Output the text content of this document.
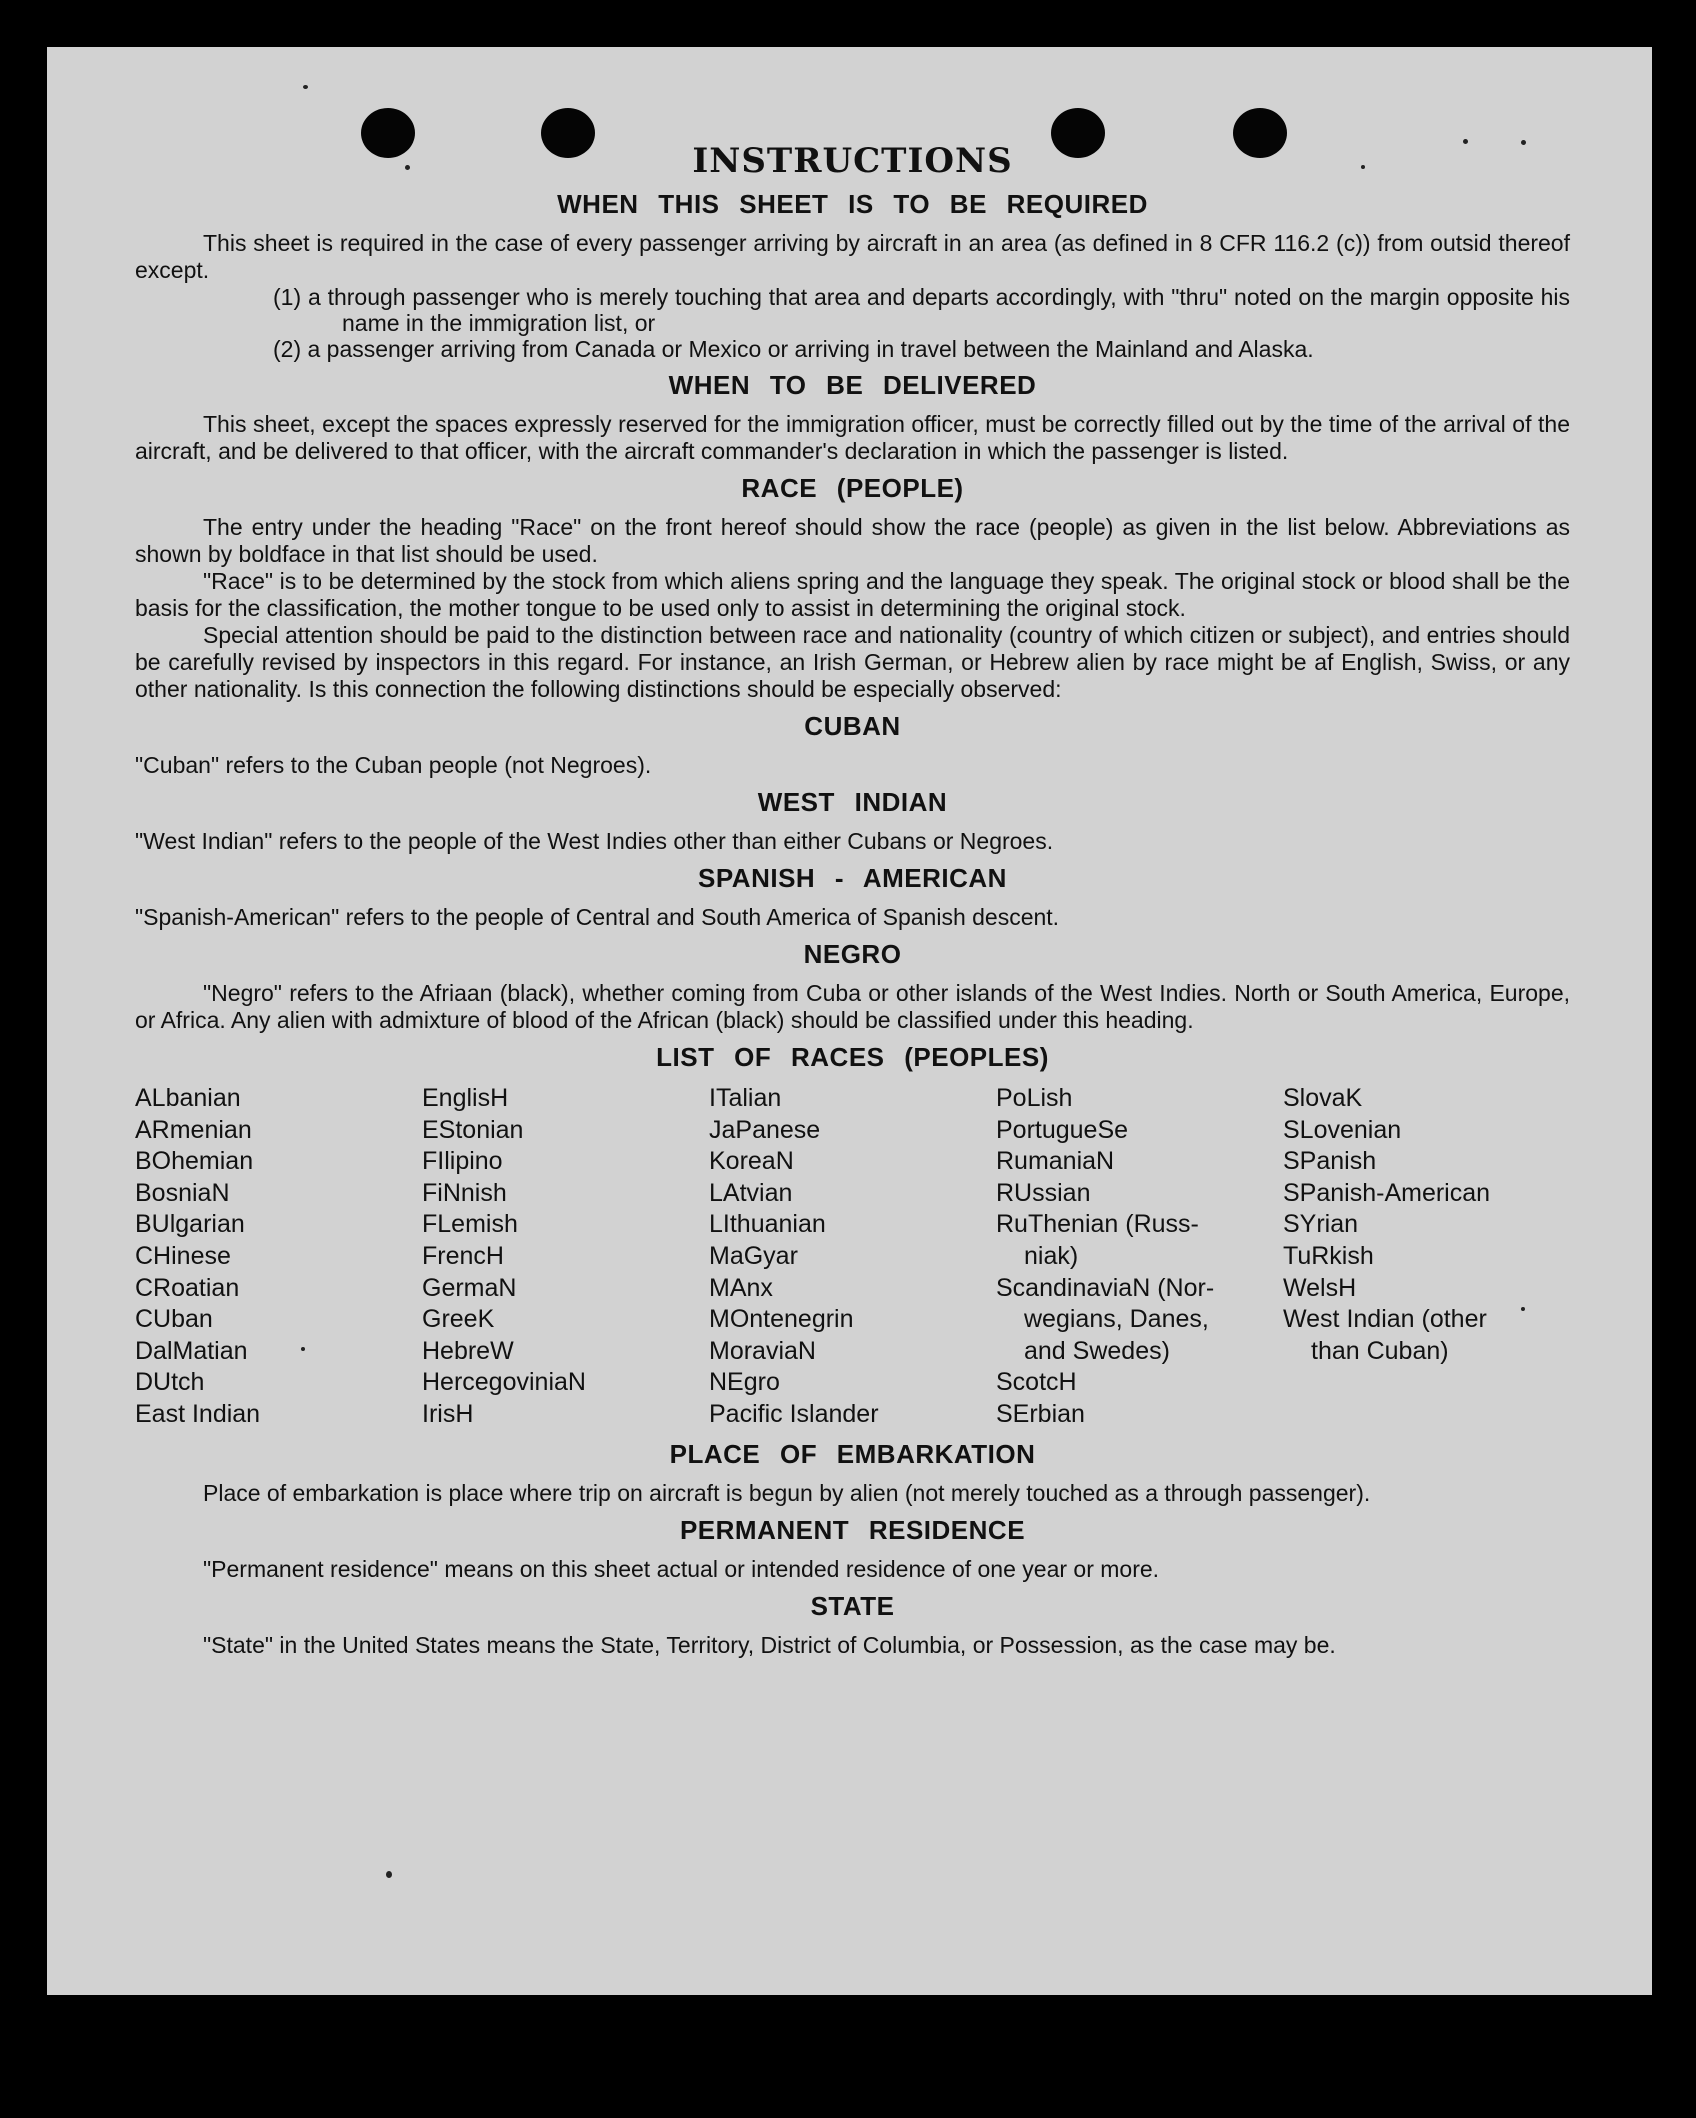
INSTRUCTIONS
WHEN THIS SHEET IS TO BE REQUIRED

This sheet is required in the case of every passenger arriving by aircraft in an area (as defined in 8 CFR 116.2 (c)) from outsid thereof except.

(1) a through passenger who is merely touching that area and departs accordingly, with "thru" noted on the margin opposite his name in the immigration list, or

(2) a passenger arriving from Canada or Mexico or arriving in travel between the Mainland and Alaska.

WHEN TO BE DELIVERED

This sheet, except the spaces expressly reserved for the immigration officer, must be correctly filled out by the time of the arrival of the aircraft, and be delivered to that officer, with the aircraft commander's declaration in which the passenger is listed.

RACE (PEOPLE)

The entry under the heading "Race" on the front hereof should show the race (people) as given in the list below. Abbreviations as shown by boldface in that list should be used.

"Race" is to be determined by the stock from which aliens spring and the language they speak. The original stock or blood shall be the basis for the classification, the mother tongue to be used only to assist in determining the original stock.

Special attention should be paid to the distinction between race and nationality (country of which citizen or subject), and entries should be carefully revised by inspectors in this regard. For instance, an Irish German, or Hebrew alien by race might be af English, Swiss, or any other nationality. Is this connection the following distinctions should be especially observed:

CUBAN

"Cuban" refers to the Cuban people (not Negroes).

WEST INDIAN

"West Indian" refers to the people of the West Indies other than either Cubans or Negroes.

SPANISH - AMERICAN

"Spanish-American" refers to the people of Central and South America of Spanish descent.

NEGRO

"Negro" refers to the Afriaan (black), whether coming from Cuba or other islands of the West Indies. North or South America, Europe, or Africa. Any alien with admixture of blood of the African (black) should be classified under this heading.

LIST OF RACES (PEOPLES)
ALbanian
ARmenian
BOhemian
BosniaN
BUlgarian
CHinese
CRoatian
CUban
DalMatian
DUtch
East Indian
EnglisH
EStonian
FIlipino
FiNnish
FLemish
FrencH
GermaN
GreeK
HebreW
HercegoviniaN
IrisH
ITalian
JaPanese
KoreaN
LAtvian
LIthuanian
MaGyar
MAnx
MOntenegrin
MoraviaN
NEgro
Pacific Islander
PoLish
PortugueSe
RumaniaN
RUssian
RuThenian (Russ-
niak)
ScandinaviaN (Nor-
wegians, Danes,
and Swedes)
ScotcH
SErbian
SlovaK
SLovenian
SPanish
SPanish-American
SYrian
TuRkish
WelsH
West Indian (other
than Cuban)
PLACE OF EMBARKATION

Place of embarkation is place where trip on aircraft is begun by alien (not merely touched as a through passenger).

PERMANENT RESIDENCE

"Permanent residence" means on this sheet actual or intended residence of one year or more.

STATE

"State" in the United States means the State, Territory, District of Columbia, or Possession, as the case may be.
